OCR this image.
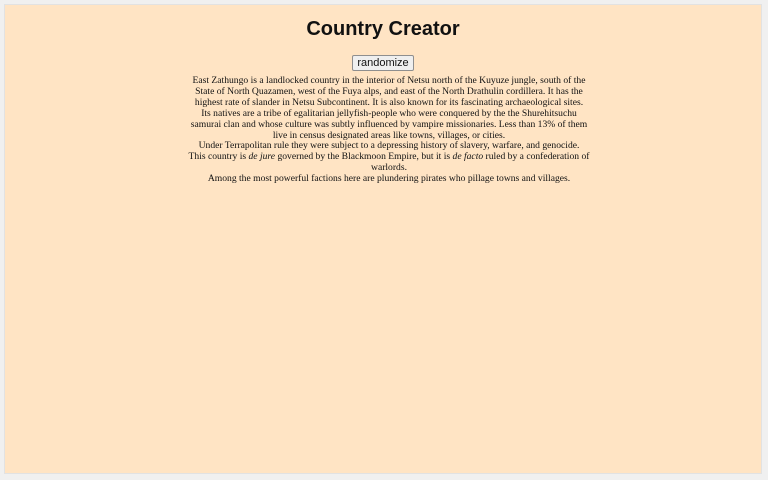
Country Creator
randomize

East Zathungo is a landlocked country in the interior of Netsu north of the Kuyuze jungle, south of the State of North Quazamen, west of the Fuya alps, and east of the North Drathulin cordillera. It has the highest rate of slander in Netsu Subcontinent. It is also known for its fascinating archaeological sites.

Its natives are a tribe of egalitarian jellyfish-people who were conquered by the the Shurehitsuchu samurai clan and whose culture was subtly influenced by vampire missionaries. Less than 13% of them live in census designated areas like towns, villages, or cities.

Under Terrapolitan rule they were subject to a depressing history of slavery, warfare, and genocide.

This country is de jure governed by the Blackmoon Empire, but it is de facto ruled by a confederation of warlords.

Among the most powerful factions here are plundering pirates who pillage towns and villages.
